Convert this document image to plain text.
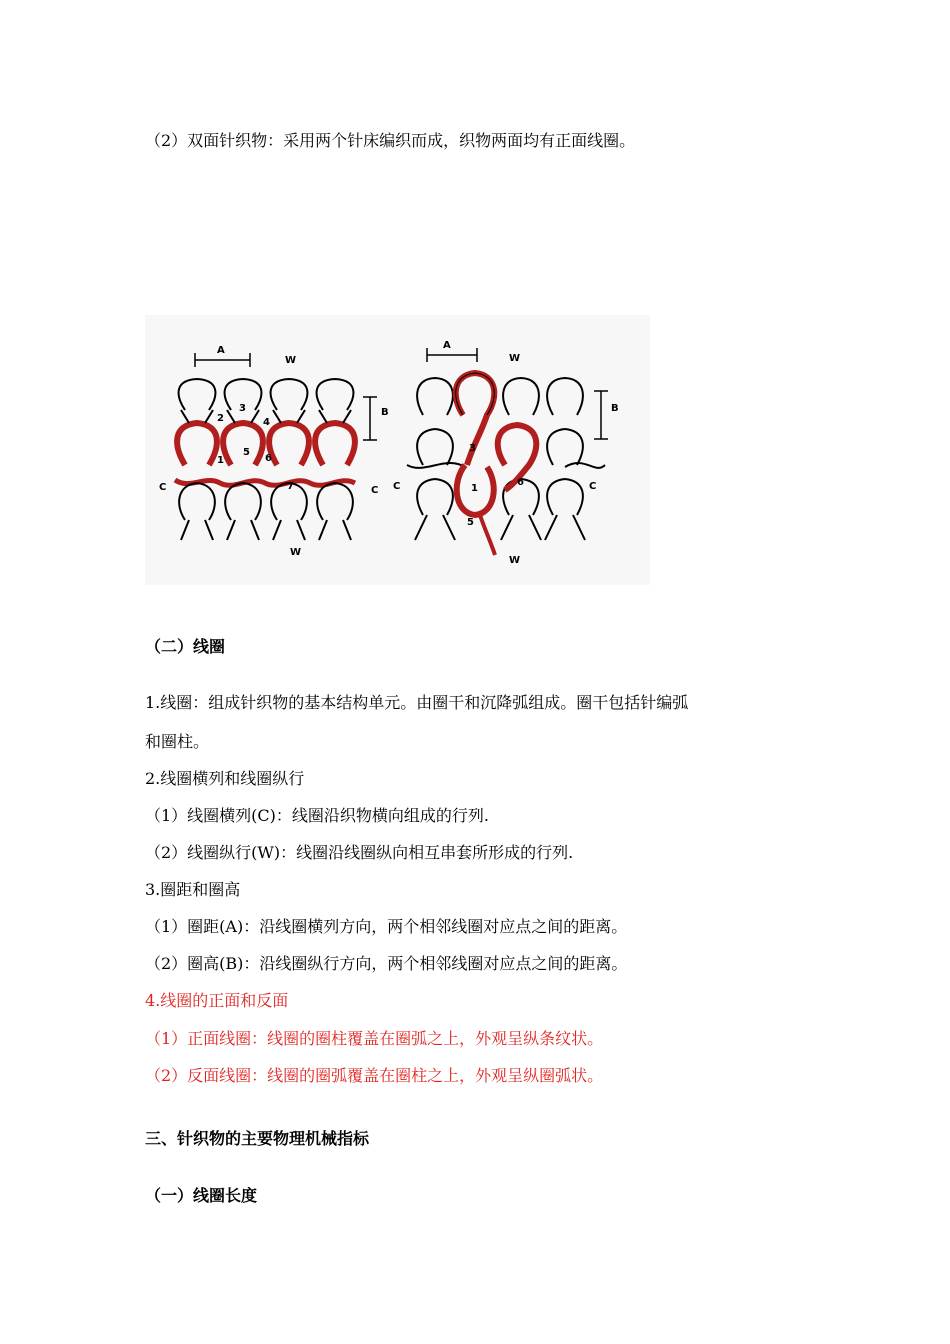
（2）双面针织物：采用两个针床编织而成，织物两面均有正面线圈。
A
W
B
C	C
W
1
2
3
4
5
6
7
A
W
B
C	C
W
1
3
5
6
（二）线圈
1.线圈：组成针织物的基本结构单元。由圈干和沉降弧组成。圈干包括针编弧
和圈柱。
2.线圈横列和线圈纵行
（1）线圈横列(C)：线圈沿织物横向组成的行列.
（2）线圈纵行(W)：线圈沿线圈纵向相互串套所形成的行列.
3.圈距和圈高
（1）圈距(A)：沿线圈横列方向，两个相邻线圈对应点之间的距离。
（2）圈高(B)：沿线圈纵行方向，两个相邻线圈对应点之间的距离。
4.线圈的正面和反面
（1）正面线圈：线圈的圈柱覆盖在圈弧之上，外观呈纵条纹状。
（2）反面线圈：线圈的圈弧覆盖在圈柱之上，外观呈纵圈弧状。
三、针织物的主要物理机械指标
（一）线圈长度
